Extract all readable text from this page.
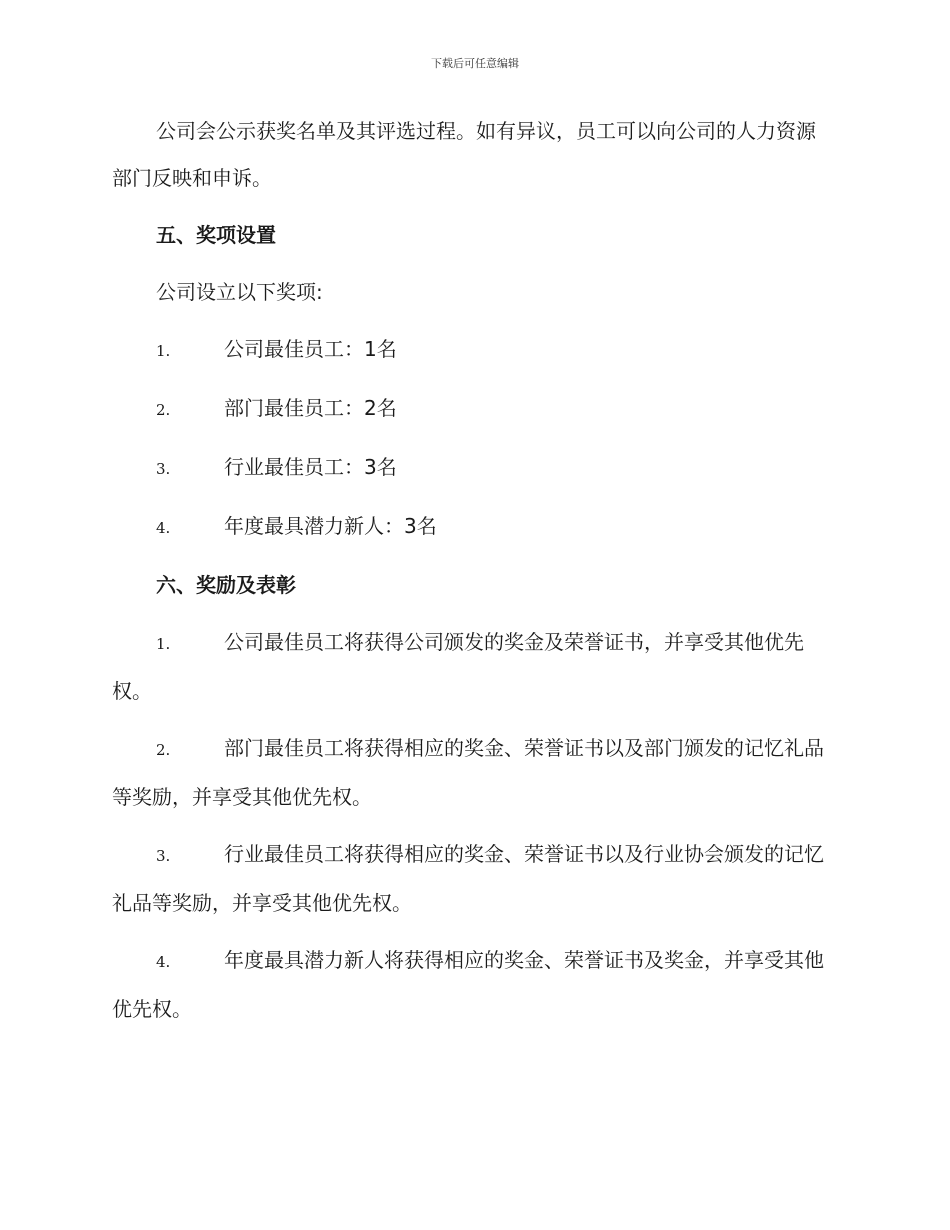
下载后可任意编辑

公司会公示获奖名单及其评选过程。如有异议，员工可以向公司的人力资源部门反映和申诉。

五、奖项设置

公司设立以下奖项:

1.	公司最佳员工：1名
2.	部门最佳员工：2名
3.	行业最佳员工：3名
4.	年度最具潜力新人：3名

六、奖励及表彰

1.	公司最佳员工将获得公司颁发的奖金及荣誉证书，并享受其他优先权。
2.	部门最佳员工将获得相应的奖金、荣誉证书以及部门颁发的记忆礼品等奖励，并享受其他优先权。
3.	行业最佳员工将获得相应的奖金、荣誉证书以及行业协会颁发的记忆礼品等奖励，并享受其他优先权。
4.	年度最具潜力新人将获得相应的奖金、荣誉证书及奖金，并享受其他优先权。
